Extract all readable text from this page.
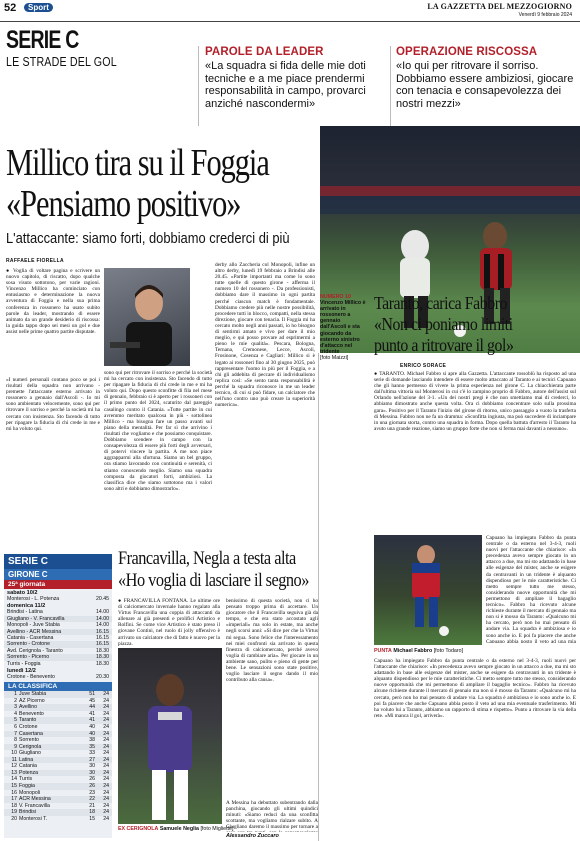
52	Sport	LA GAZZETTA DEL MEZZOGIORNO
Venerdì 9 febbraio 2024
SERIE C
LE STRADE DEL GOL
PAROLE DA LEADER
«La squadra si fida delle mie doti tecniche e a me piace prendermi responsabilità in campo, provarci anziché nascondermi»
OPERAZIONE RISCOSSA
«Io qui per ritrovare il sorriso. Dobbiamo essere ambiziosi, giocare con tenacia e consapevolezza dei nostri mezzi»
Millico tira su il Foggia
«Pensiamo positivo»
L'attaccante: siamo forti, dobbiamo crederci di più
NUMERO 10
Vincenzo Millico è arrivato in rossonero a gennaio dall'Ascoli e sta giocando da esterno sinistro d'attacco nel tridente
[foto Maizzi]
RAFFAELE FIORELLA
● Voglia di voltare pagina e scrivere un nuovo capitolo, di riscatto, dopo qualche sosa visuto sottotono, per varie ragioni. Vincenzo Millico ha cominciato con entusiasmo e determinazione la nuova avventura di Foggia e nella sua prima conferenza in rossonero ha usato subito parole da leader, mostrando di essere animato da un grande desiderio di riscossa: la guida tappo dopo sei mesi un gol e due assist nelle prime quattro partite disputate.
«I numeri personali contano poco se poi i risultati della squadra non arrivano - premette l'attaccante esterno arrivato in rossonero a gennaio dall'Ascoli -. Io mi sono ambientato velocemente, sono qui per ritrovare il sorriso e perché la società mi ha cercato con insistenza. Sto facendo di tutto per ripagare la fiducia di chi crede in me e mi ha voluto qui.
sono qui per ritrovare il sorriso e perché la società mi ha cercato con insistenza. Sto facendo di tutto per ripagare la fiducia di chi crede in me e mi ha voluto qui. Dopo questo sconfitte di fila nel mese di gennaio, febbraio si è aperto per i rossoneri con il primo punto del 2024, scaturito dal pareggio casalingo contro il Catania. «Tutte partite in cui avremmo meritato qualcosa in più - sottolinea Millico - ma bisogna fare un passo avanti sul piano della mentalità. Per far sì che arrivino i risultati che vogliamo e che possiamo conquistare. Dobbiamo scendere in campo con la consapevolezza di essere più forti degli avversari, di potervi vincere la partita. A me non piace aggrapparmi alla sfortuna. Siamo un bel gruppo, ora stiamo lavorando con continuità e serenità, ci stiamo conoscendo meglio. Siamo una squadra composta da giocatori forti, ambiziosi. La classifica dice che siamo sottotono ma i valori sono altri e dobbiamo dimostrarlo».
derby allo Zaccheria col Monopoli, infine un altro derby, lunedì 19 febbraio a Brindisi alle 20.45. «Partite importanti ma come lo sono tutte quelle di questo girone - afferma il numero 10 del rossonero -. Da professionisti, dobbiamo dare il massimo in ogni partita perché ciascun match è fondamentale. Dobbiamo credere più nelle nostre possibilità, procedere tutti in blocco, compatti, nella stessa direzione, giocare con tenacia. Il Foggia mi ha cercato molto negli anni passati, io ho bisogno di sentirmi amato e vivo per dare il mio meglio, e qui posso provare ad esprimermi a pieno le mie qualità». Pescara, Bologna, Ternana, Cremonese, Lecce, Ascoli, Frosinone, Cosenza e Cagliari: Millico si è legato ai rossoneri fino al 30 giugno 2025, può rappresentare l'uomo in più per il Foggia, e a chi gli addebita di peccare di individualismo replica così: «Se sento tanta responsabilità è perché la squadra riconosce in me un leader tecnico, di cui si può fidare, un calciatore che nell'uno contro uno può creare la superiorità numerica».
Taranto, carica Fabbro
«Non ci poniamo limiti
punto a ritrovare il gol»
ENRICO SORACE
● TARANTO. Michael Fabbro si apre alla Gazzetta. L'attaccante rossoblù ha risposto ad una serie di domande lasciando intendere di essere molto attaccato al Taranto e ai tecnici Capuano che gli hanno permesso di vivere la prima esperienza nel girone C. La chiacchierata parte dall'ultima vittoria sul Monterosi in cui c'è lo zampino proprio di Fabbro, autore dell'assist sul Orlando nell'azione del 3-1. «Un dei nostri pregi è che non smettiamo mai di crederci, lo abbiamo dimostrato anche questa volta. Ora ci dobbiamo concentrare solo sulla prossima gara». Positivo per il Taranto l'inizio del girone di ritorno, unico passaggio a vuoto la trasferta di Messina. Fabbro non ne fa un dramma: «Sconfitta ingiusta, ma può succedere di inciampare in una giornata storta, contro una squadra in forma. Dopo quella battuta d'arresto il Taranto ha avuto una grande reazione, siamo un gruppo forte che non si ferma mai davanti a nessuno».
PUNTA Michael Fabbro [foto Todaro]
Capuano ha impiegato Fabbro da punta centrale o da esterno nel 3-4-3, ruoli nuovi per l'attaccante che chiarisce: «In precedenza avevo sempre giocato in un attacco a due, ma mi sto adattando in base alle esigenze del mister, anche se esigere da centravanti in un tridente è alquanto dispendioso per le mie caratteristiche. Ci metto sempre tutto me stesso, considerando nuove opportunità che mi permettono di ampliare il bagaglio tecnico». Fabbro ha ricevuto alcune richieste durante il mercato di gennaio ma non si è mosso da Taranto: «Qualcuno mi ha cercato, però non ho mai pensato di andare via. La squadra è ambiziosa e io sono anche io. E poi fa piacere che anche Capuano abbia posto il veto ad una mia
Capuano ha impiegato Fabbro da punta centrale o da esterno nel 3-4-3, ruoli nuovi per l'attaccante che chiarisce: «In precedenza avevo sempre giocato in un attacco a due, ma mi sto adattando in base alle esigenze del mister, anche se esigere da centravanti in un tridente è alquanto dispendioso per le mie caratteristiche. Ci metto sempre tutto me stesso, considerando nuove opportunità che mi permettono di ampliare il bagaglio tecnico». Fabbro ha ricevuto alcune richieste durante il mercato di gennaio ma non si è mosso da Taranto: «Qualcuno mi ha cercato, però non ho mai pensato di andare via. La squadra è ambiziosa e io sono anche io. E poi fa piacere che anche Capuano abbia posto il veto ad una mia eventuale trasferimento. Mi ha voluto lui a Taranto, abbiamo un rapporto di stima e rispetto». Punto a ritrovare la via della rete. «Mi manca il gol, arriverà».
Francavilla, Negla a testa alta
«Ho voglia di lasciare il segno»
● FRANCAVILLA FONTANA. Le ultime ore di calciomercato invernale hanno regalato alla Virtus Francavilla una coppia di attaccanti da allenare ai già presenti e prolifici Artistico e Rolfini. Se come vice Artistico è stato preso il giovane Contini, nel ruolo di jolly offensivo è arrivato un calciatore che di fatto è nuovo per la piazza.
EX CERIGNOLA Samuele Neglia [foto Migliette]
benissimo di questa società, non ci ho pensato troppo prima di accettare. Un giocatore che il Francavilla seguiva già da tempo, e che era stato accostato agli «imperiali» ma solo in estate, ma anche negli scorsi anni: «Si dice per che la Virtus mi segua. Sono felice che l'interessamento nei miei confronti sia arrivato in questa finestra di calciomercato, perché avevo voglia di cambiare aria». Per giocare in un ambiente sano, pulito e pieno di gente per bene. Le sensazioni sono state positive, voglio lasciare il segno dando il mio contributo alla causa».
A Messina ha debuttato subentrando dalla panchina, giocando gli ultimi quindici minuti: «Siamo reduci da una sconfitta scottante, ma vogliamo rialzare subito. A Giugliano daremo il massimo per tornare a
Alessandro Zuccaro
SERIE C
GIRONE C
25ª giornata
sabato 10/2
Monterosi - L. Potenza	20.45
domenica 11/2
Brindisi - Latina	14.00
Giugliano - V. Francavilla	14.00
Monopoli - Juve Stabia	14.00
Avellino - ACR Messina	16.15
Catania - Casertana	16.15
Sorrento - Crotone	16.15
Avd. Cerignola - Taranto	18.30
Sorrento - Picerno	18.30
Turris - Foggia	18.30
lunedì 12/2
Crotone - Benevento	20.30
LA CLASSIFICA
1 Juve Stabia	51	24
2 AZ Picerno	45	24
3 Avellino	44	24
4 Benevento	41	24
5 Taranto	41	24
6 Crotone	40	24
7 Casertana	40	24
8 Sorrento	38	24
9 Cerignola	35	24
10 Giugliano	33	24
11 Latina	27	24
12 Catania	30	24
13 Potenza	30	24
14 Turris	26	24
15 Foggia	26	24
16 Monopoli	23	24
17 ACR Messina	22	24
18 V. Francavilla	21	24
19 Brindisi	18	24
20 Monterosi T.	15	24
